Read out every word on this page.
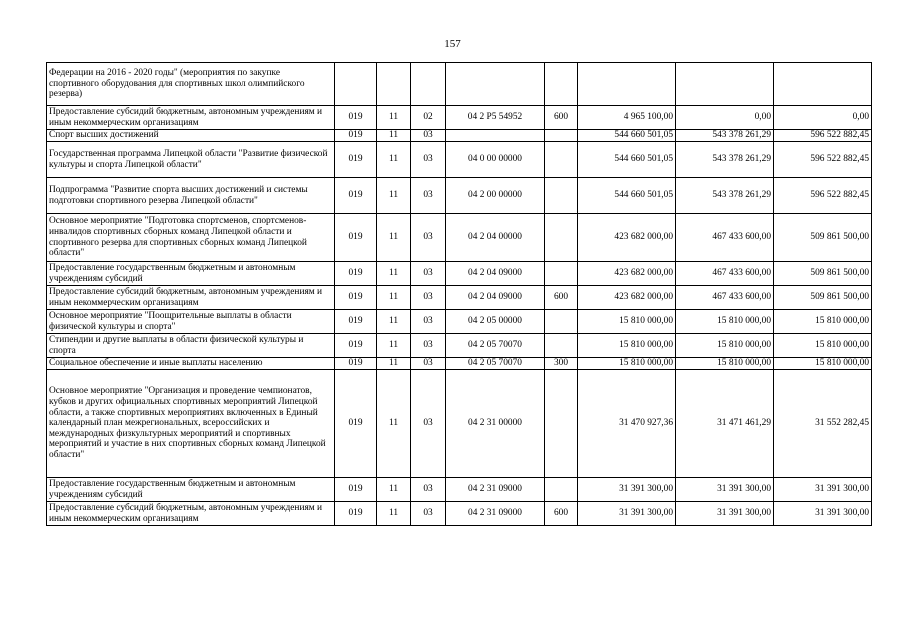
157
Федерации на 2016 - 2020 годы" (мероприятия по закупке спортивного оборудования для спортивных школ олимпийского резерва)								
Предоставление субсидий бюджетным, автономным учреждениям и иным некоммерческим организациям	019	11	02	04 2 P5 54952	600	4 965 100,00	0,00	0,00
Спорт высших достижений	019	11	03			544 660 501,05	543 378 261,29	596 522 882,45
Государственная программа Липецкой области "Развитие физической культуры и спорта Липецкой области"	019	11	03	04 0 00 00000		544 660 501,05	543 378 261,29	596 522 882,45
Подпрограмма "Развитие спорта высших достижений и системы подготовки спортивного резерва Липецкой области"	019	11	03	04 2 00 00000		544 660 501,05	543 378 261,29	596 522 882,45
Основное мероприятие "Подготовка спортсменов, спортсменов-инвалидов спортивных сборных команд Липецкой области и спортивного резерва для спортивных сборных команд Липецкой области"	019	11	03	04 2 04 00000		423 682 000,00	467 433 600,00	509 861 500,00
Предоставление государственным бюджетным и автономным учреждениям субсидий	019	11	03	04 2 04 09000		423 682 000,00	467 433 600,00	509 861 500,00
Предоставление субсидий бюджетным, автономным учреждениям и иным некоммерческим организациям	019	11	03	04 2 04 09000	600	423 682 000,00	467 433 600,00	509 861 500,00
Основное мероприятие "Поощрительные выплаты в области физической культуры и спорта"	019	11	03	04 2 05 00000		15 810 000,00	15 810 000,00	15 810 000,00
Стипендии и другие выплаты в области физической культуры и спорта	019	11	03	04 2 05 70070		15 810 000,00	15 810 000,00	15 810 000,00
Социальное обеспечение и иные выплаты населению	019	11	03	04 2 05 70070	300	15 810 000,00	15 810 000,00	15 810 000,00
Основное мероприятие "Организация и проведение чемпионатов, кубков и других официальных спортивных мероприятий Липецкой области, а также спортивных мероприятиях включенных в Единый календарный план межрегиональных, всероссийских и международных физкультурных мероприятий и спортивных мероприятий и участие в них спортивных сборных команд Липецкой области"	019	11	03	04 2 31 00000		31 470 927,36	31 471 461,29	31 552 282,45
Предоставление государственным бюджетным и автономным учреждениям субсидий	019	11	03	04 2 31 09000		31 391 300,00	31 391 300,00	31 391 300,00
Предоставление субсидий бюджетным, автономным учреждениям и иным некоммерческим организациям	019	11	03	04 2 31 09000	600	31 391 300,00	31 391 300,00	31 391 300,00
